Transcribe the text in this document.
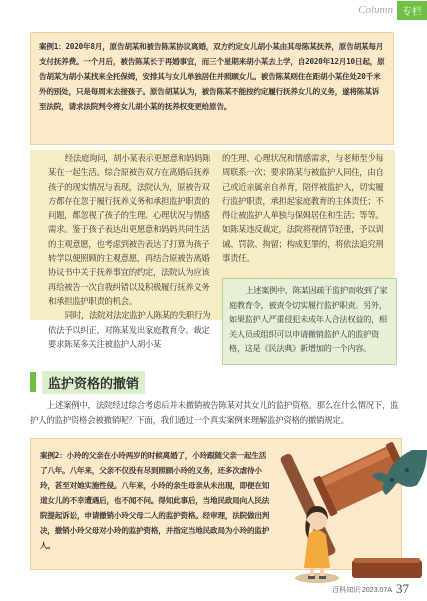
Column 专栏
案例1：2020年8月，原告胡某和被告陈某协议离婚，双方约定女儿胡小某由其母陈某抚养，原告胡某每月支付抚养费。一个月后，被告陈某长于再婚事宜，而三个星期来胡小某去上学，自2020年12月10日起，原告胡某为胡小某找来全托保姆，安排其与女儿单独居住并照顾女儿。被告陈某则住在距胡小某住处20千米外的别处，只是每周末去接孩子。原告胡某认为，被告陈某不能按约定履行抚养女儿的义务，遂将陈某诉至法院，请求法院判令将女儿胡小某的抚养权变更给原告。

经法庭询问，胡小某表示更愿意和妈妈陈某在一起生活。综合原被告双方在离婚后抚养孩子的现实情况与表现，法院认为，原被告双方都存在忽于履行抚养义务和承担监护职责的问题，都忽视了孩子的生理、心理状况与情感需求。鉴于孩子表达出更愿意和妈妈共同生活的主观意愿，也考虑到被告表达了打算为孩子转学以便照顾的主观意愿，再结合原被告离婚协议书中关于抚养事宜的约定，法院认为应该再给被告一次自我纠错以及积极履行抚养义务和承担监护职责的机会。

同时，法院对法定监护人陈某的失职行为依法予以纠正，对陈某发出家庭教育令。裁定要求陈某多关注被监护人胡小某

的生理、心理状况和情感需求，与老师至少每周联系一次；要求陈某与被监护人同住，由自己或近亲属亲自养育，陪伴被监护人，切实履行监护职责，承担起家庭教育的主体责任；不得让被监护人单独与保姆居住和生活；等等。如陈某违反裁定，法院将视情节轻重，予以训诫、罚款、拘留；构成犯罪的，将依法追究刑事责任。

上述案例中，陈某因疏于监护而收到了家庭教育令，被责令切实履行监护职责。另外，如果监护人严重侵犯未成年人合法权益的，相关人员或组织可以申请撤销监护人的监护资格，这是《民法典》新增加的一个内容。

监护资格的撤销
上述案例中，法院经过综合考虑后并未撤销被告陈某对其女儿的监护资格。那么在什么情况下，监护人的监护资格会被撤销呢？下面，我们通过一个真实案例来理解监护资格的撤销规定。
案例2：小玲的父亲在小玲两岁的时候离婚了，小玲跟随父亲一起生活了八年。八年来，父亲不仅没有尽到照顾小玲的义务，还多次虐待小玲，甚至对她实施性侵。八年来，小玲的亲生母亲从未出现，即便在知道女儿的不幸遭遇后，也不闻不问。得知此事后，当地民政局向人民法院提起诉讼，申请撤销小玲父母二人的监护资格。经审理，法院做出判决，撤销小玲父母对小玲的监护资格，并指定当地民政局为小玲的监护人。
百科知识 2023.07A 37
